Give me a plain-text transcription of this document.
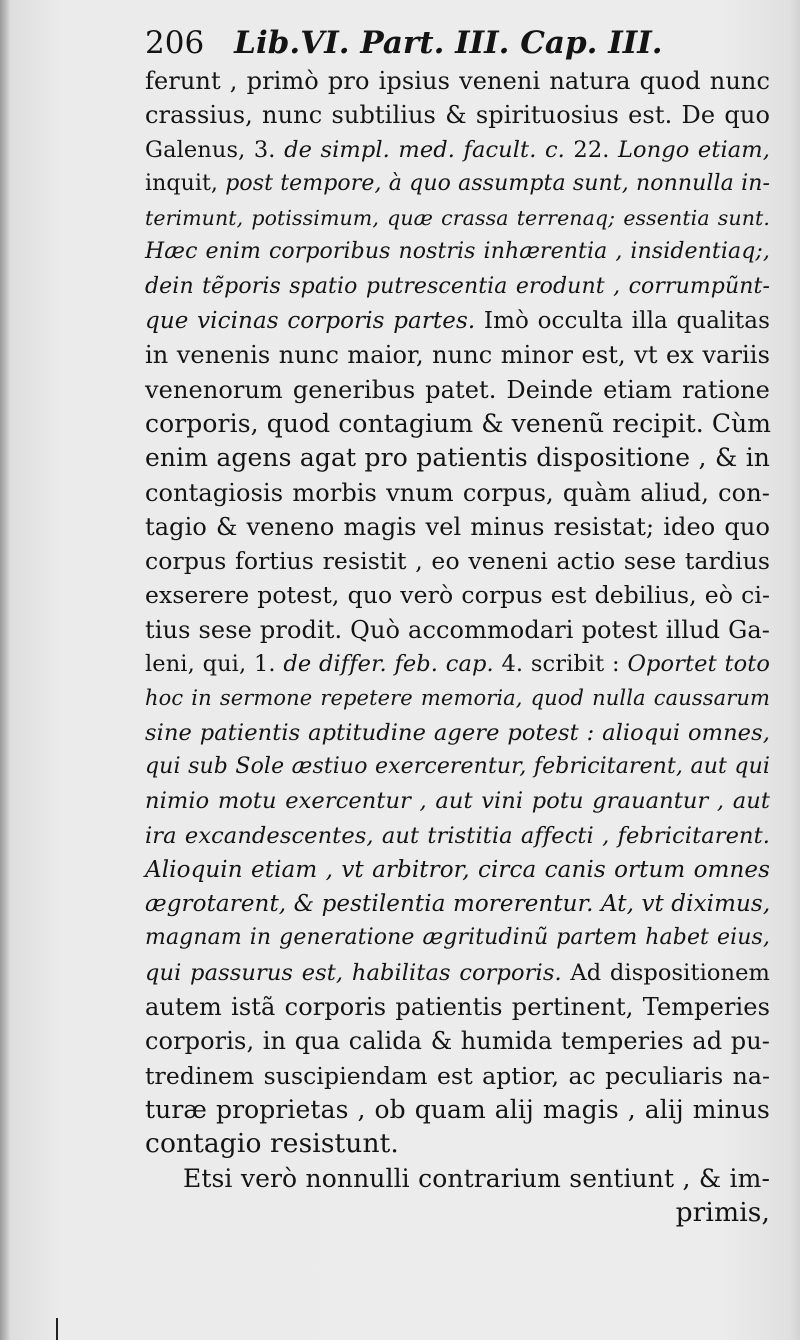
206 Lib.VI. Part. III. Cap. III.
ferunt , primò pro ipsius veneni natura quod nunc
crassius, nunc subtilius & spirituosius est. De quo
Galenus, 3. de simpl. med. facult. c. 22. Longo etiam,
inquit, post tempore, à quo assumpta sunt, nonnulla in-
terimunt, potissimum, quæ crassa terrenaq; essentia sunt.
Hæc enim corporibus nostris inhærentia , insidentiaq;,
dein tẽporis spatio putrescentia erodunt , corrumpũnt-
que vicinas corporis partes. Imò occulta illa qualitas
in venenis nunc maior, nunc minor est, vt ex variis
venenorum generibus patet. Deinde etiam ratione
corporis, quod contagium & venenũ recipit. Cùm
enim agens agat pro patientis dispositione , & in
contagiosis morbis vnum corpus, quàm aliud, con-
tagio & veneno magis vel minus resistat; ideo quo
corpus fortius resistit , eo veneni actio sese tardius
exserere potest, quo verò corpus est debilius, eò ci-
tius sese prodit. Quò accommodari potest illud Ga-
leni, qui, 1. de differ. feb. cap. 4. scribit : Oportet toto
hoc in sermone repetere memoria, quod nulla caussarum
sine patientis aptitudine agere potest : alioqui omnes,
qui sub Sole æstiuo exercerentur, febricitarent, aut qui
nimio motu exercentur , aut vini potu grauantur , aut
ira excandescentes, aut tristitia affecti , febricitarent.
Alioquin etiam , vt arbitror, circa canis ortum omnes
ægrotarent, & pestilentia morerentur. At, vt diximus,
magnam in generatione ægritudinũ partem habet eius,
qui passurus est, habilitas corporis. Ad dispositionem
autem istã corporis patientis pertinent, Temperies
corporis, in qua calida & humida temperies ad pu-
tredinem suscipiendam est aptior, ac peculiaris na-
turæ proprietas , ob quam alij magis , alij minus
contagio resistunt.
Etsi verò nonnulli contrarium sentiunt , & im-
primis,
